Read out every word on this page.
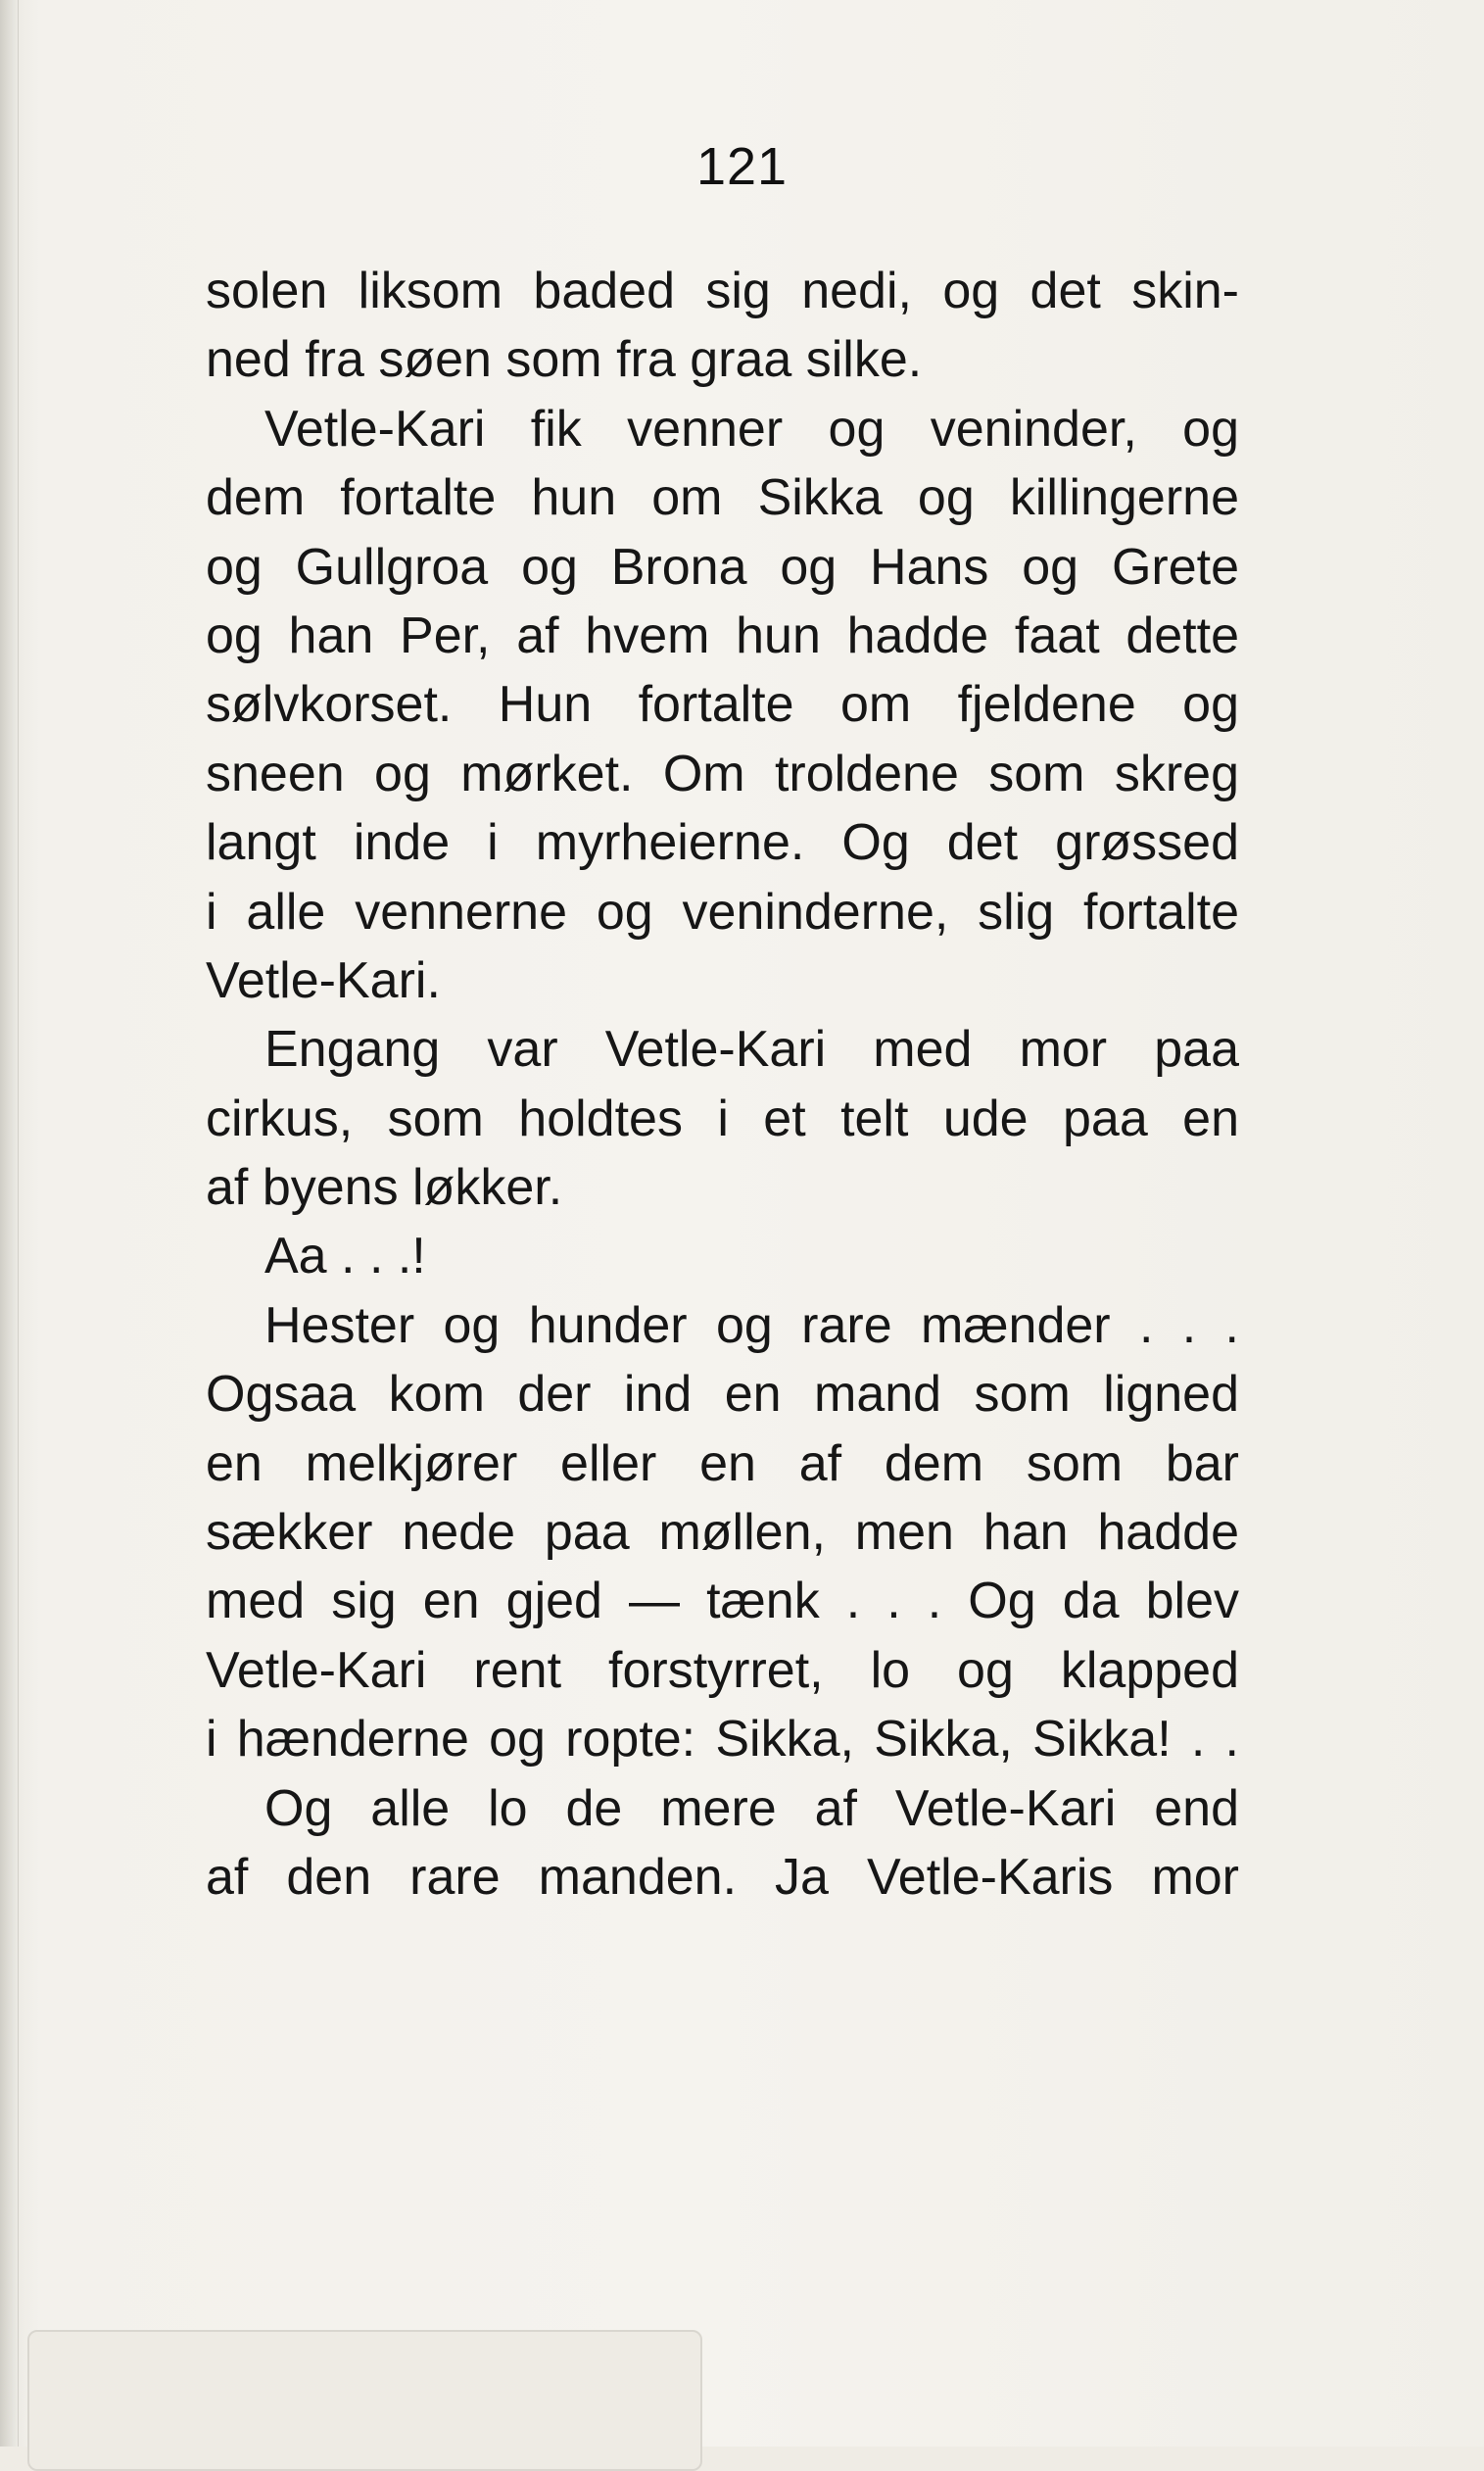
121
solen liksom baded sig nedi, og det skin-
ned fra søen som fra graa silke.
Vetle-Kari fik venner og veninder, og
dem fortalte hun om Sikka og killingerne
og Gullgroa og Brona og Hans og Grete
og han Per, af hvem hun hadde faat dette
sølvkorset. Hun fortalte om fjeldene og
sneen og mørket. Om troldene som skreg
langt inde i myrheierne. Og det grøssed
i alle vennerne og veninderne, slig fortalte
Vetle-Kari.
Engang var Vetle-Kari med mor paa
cirkus, som holdtes i et telt ude paa en
af byens løkker.
Aa . . .!
Hester og hunder og rare mænder . . .
Ogsaa kom der ind en mand som ligned
en melkjører eller en af dem som bar
sækker nede paa møllen, men han hadde
med sig en gjed — tænk . . . Og da blev
Vetle-Kari rent forstyrret, lo og klapped
i hænderne og ropte: Sikka, Sikka, Sikka! . .
Og alle lo de mere af Vetle-Kari end
af den rare manden. Ja Vetle-Karis mor
